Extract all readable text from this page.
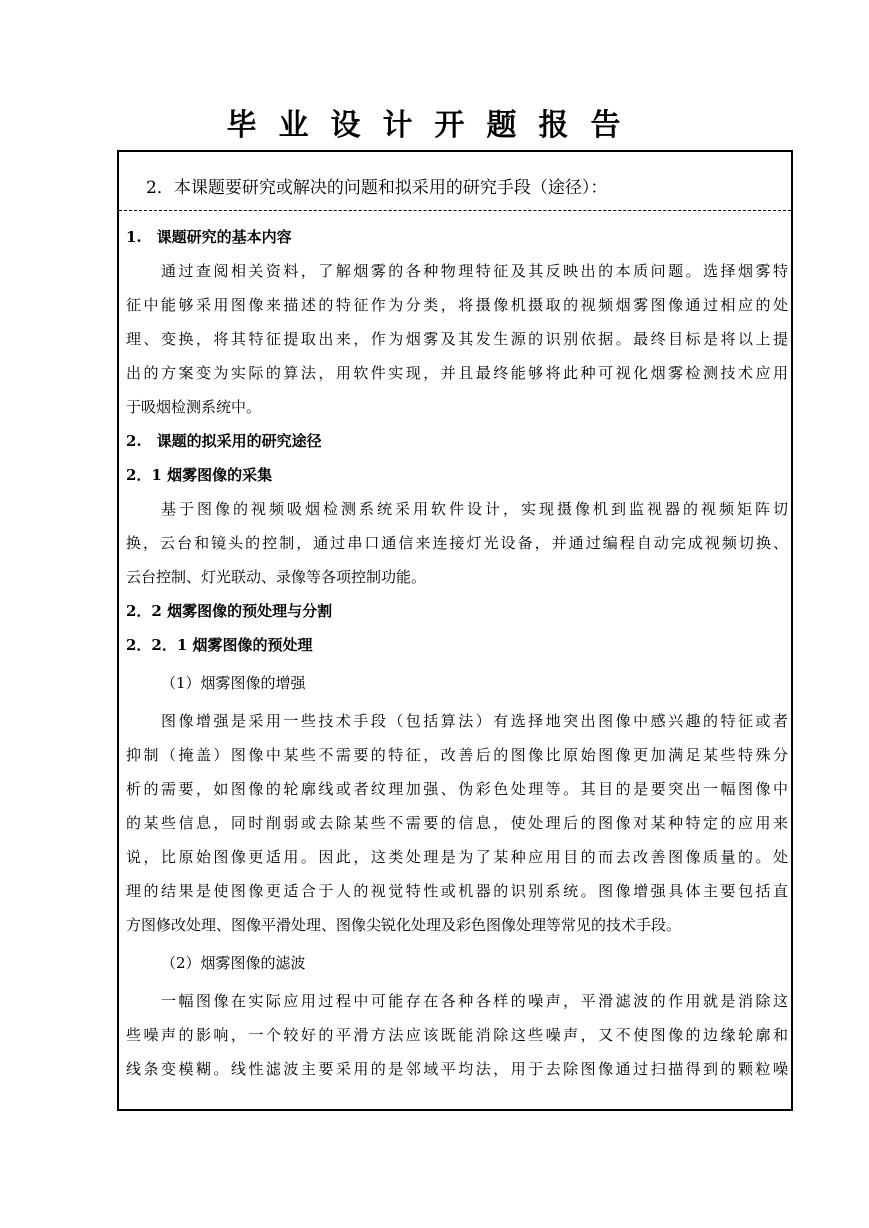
毕业设计开题报告
2．本课题要研究或解决的问题和拟采用的研究手段（途径）：
1.　课题研究的基本内容
通过查阅相关资料，了解烟雾的各种物理特征及其反映出的本质问题。选择烟雾特
征中能够采用图像来描述的特征作为分类，将摄像机摄取的视频烟雾图像通过相应的处
理、变换，将其特征提取出来，作为烟雾及其发生源的识别依据。最终目标是将以上提
出的方案变为实际的算法，用软件实现，并且最终能够将此种可视化烟雾检测技术应用
于吸烟检测系统中。
2.　课题的拟采用的研究途径
2．1 烟雾图像的采集
基于图像的视频吸烟检测系统采用软件设计，实现摄像机到监视器的视频矩阵切
换，云台和镜头的控制，通过串口通信来连接灯光设备，并通过编程自动完成视频切换、
云台控制、灯光联动、录像等各项控制功能。
2．2 烟雾图像的预处理与分割
2．2．1 烟雾图像的预处理
（1）烟雾图像的增强
图像增强是采用一些技术手段（包括算法）有选择地突出图像中感兴趣的特征或者
抑制（掩盖）图像中某些不需要的特征，改善后的图像比原始图像更加满足某些特殊分
析的需要，如图像的轮廓线或者纹理加强、伪彩色处理等。其目的是要突出一幅图像中
的某些信息，同时削弱或去除某些不需要的信息，使处理后的图像对某种特定的应用来
说，比原始图像更适用。因此，这类处理是为了某种应用目的而去改善图像质量的。处
理的结果是使图像更适合于人的视觉特性或机器的识别系统。图像增强具体主要包括直
方图修改处理、图像平滑处理、图像尖锐化处理及彩色图像处理等常见的技术手段。
（2）烟雾图像的滤波
一幅图像在实际应用过程中可能存在各种各样的噪声，平滑滤波的作用就是消除这
些噪声的影响，一个较好的平滑方法应该既能消除这些噪声，又不使图像的边缘轮廓和
线条变模糊。线性滤波主要采用的是邻域平均法，用于去除图像通过扫描得到的颗粒噪
